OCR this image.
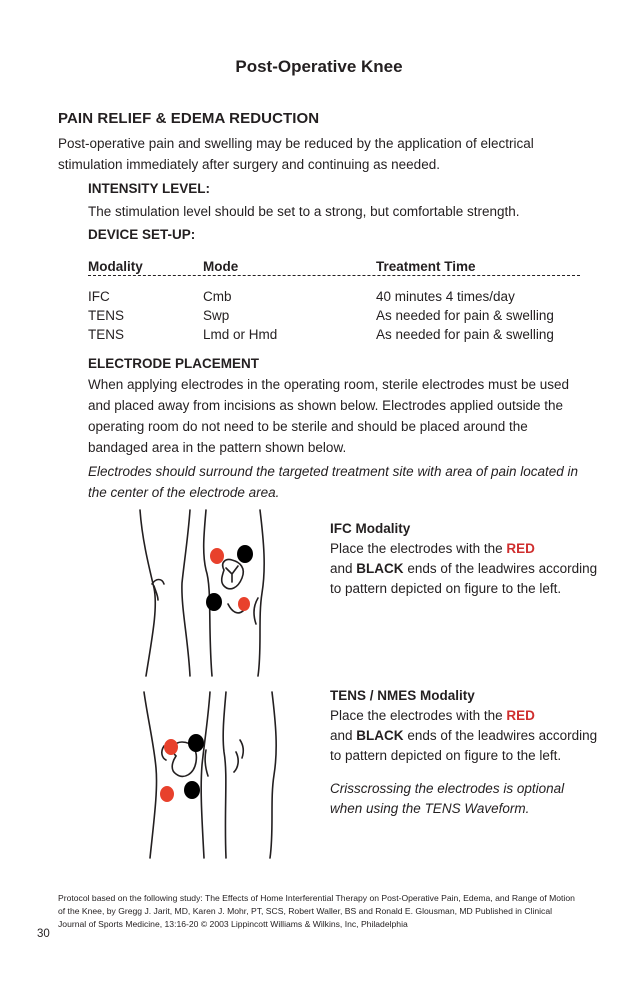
Post-Operative Knee
PAIN RELIEF & EDEMA REDUCTION
Post-operative pain and swelling may be reduced by the application of electrical stimulation immediately after surgery and continuing as needed.
INTENSITY LEVEL:
The stimulation level should be set to a strong, but comfortable strength.
DEVICE SET-UP:
Modality	Mode	Treatment Time
IFC	Cmb	40 minutes 4 times/day
TENS	Swp	As needed for pain & swelling
TENS	Lmd or Hmd	As needed for pain & swelling
ELECTRODE PLACEMENT
When applying electrodes in the operating room, sterile electrodes must be used and placed away from incisions as shown below. Electrodes applied outside the operating room do not need to be sterile and should be placed around the bandaged area in the pattern shown below.
Electrodes should surround the targeted treatment site with area of pain located in the center of the electrode area.
IFC Modality
Place the electrodes with the RED
and BLACK ends of the leadwires according to pattern depicted on figure to the left.
TENS / NMES Modality
Place the electrodes with the RED
and BLACK ends of the leadwires according to pattern depicted on figure to the left.
Crisscrossing the electrodes is optional when using the TENS Waveform.
Protocol based on the following study: The Effects of Home Interferential Therapy on Post-Operative Pain, Edema, and Range of Motion of the Knee, by Gregg J. Jarit, MD, Karen J. Mohr, PT, SCS, Robert Waller, BS and Ronald E. Glousman, MD Published in Clinical Journal of Sports Medicine, 13:16-20 © 2003 Lippincott Williams & Wilkins, Inc, Philadelphia
30
